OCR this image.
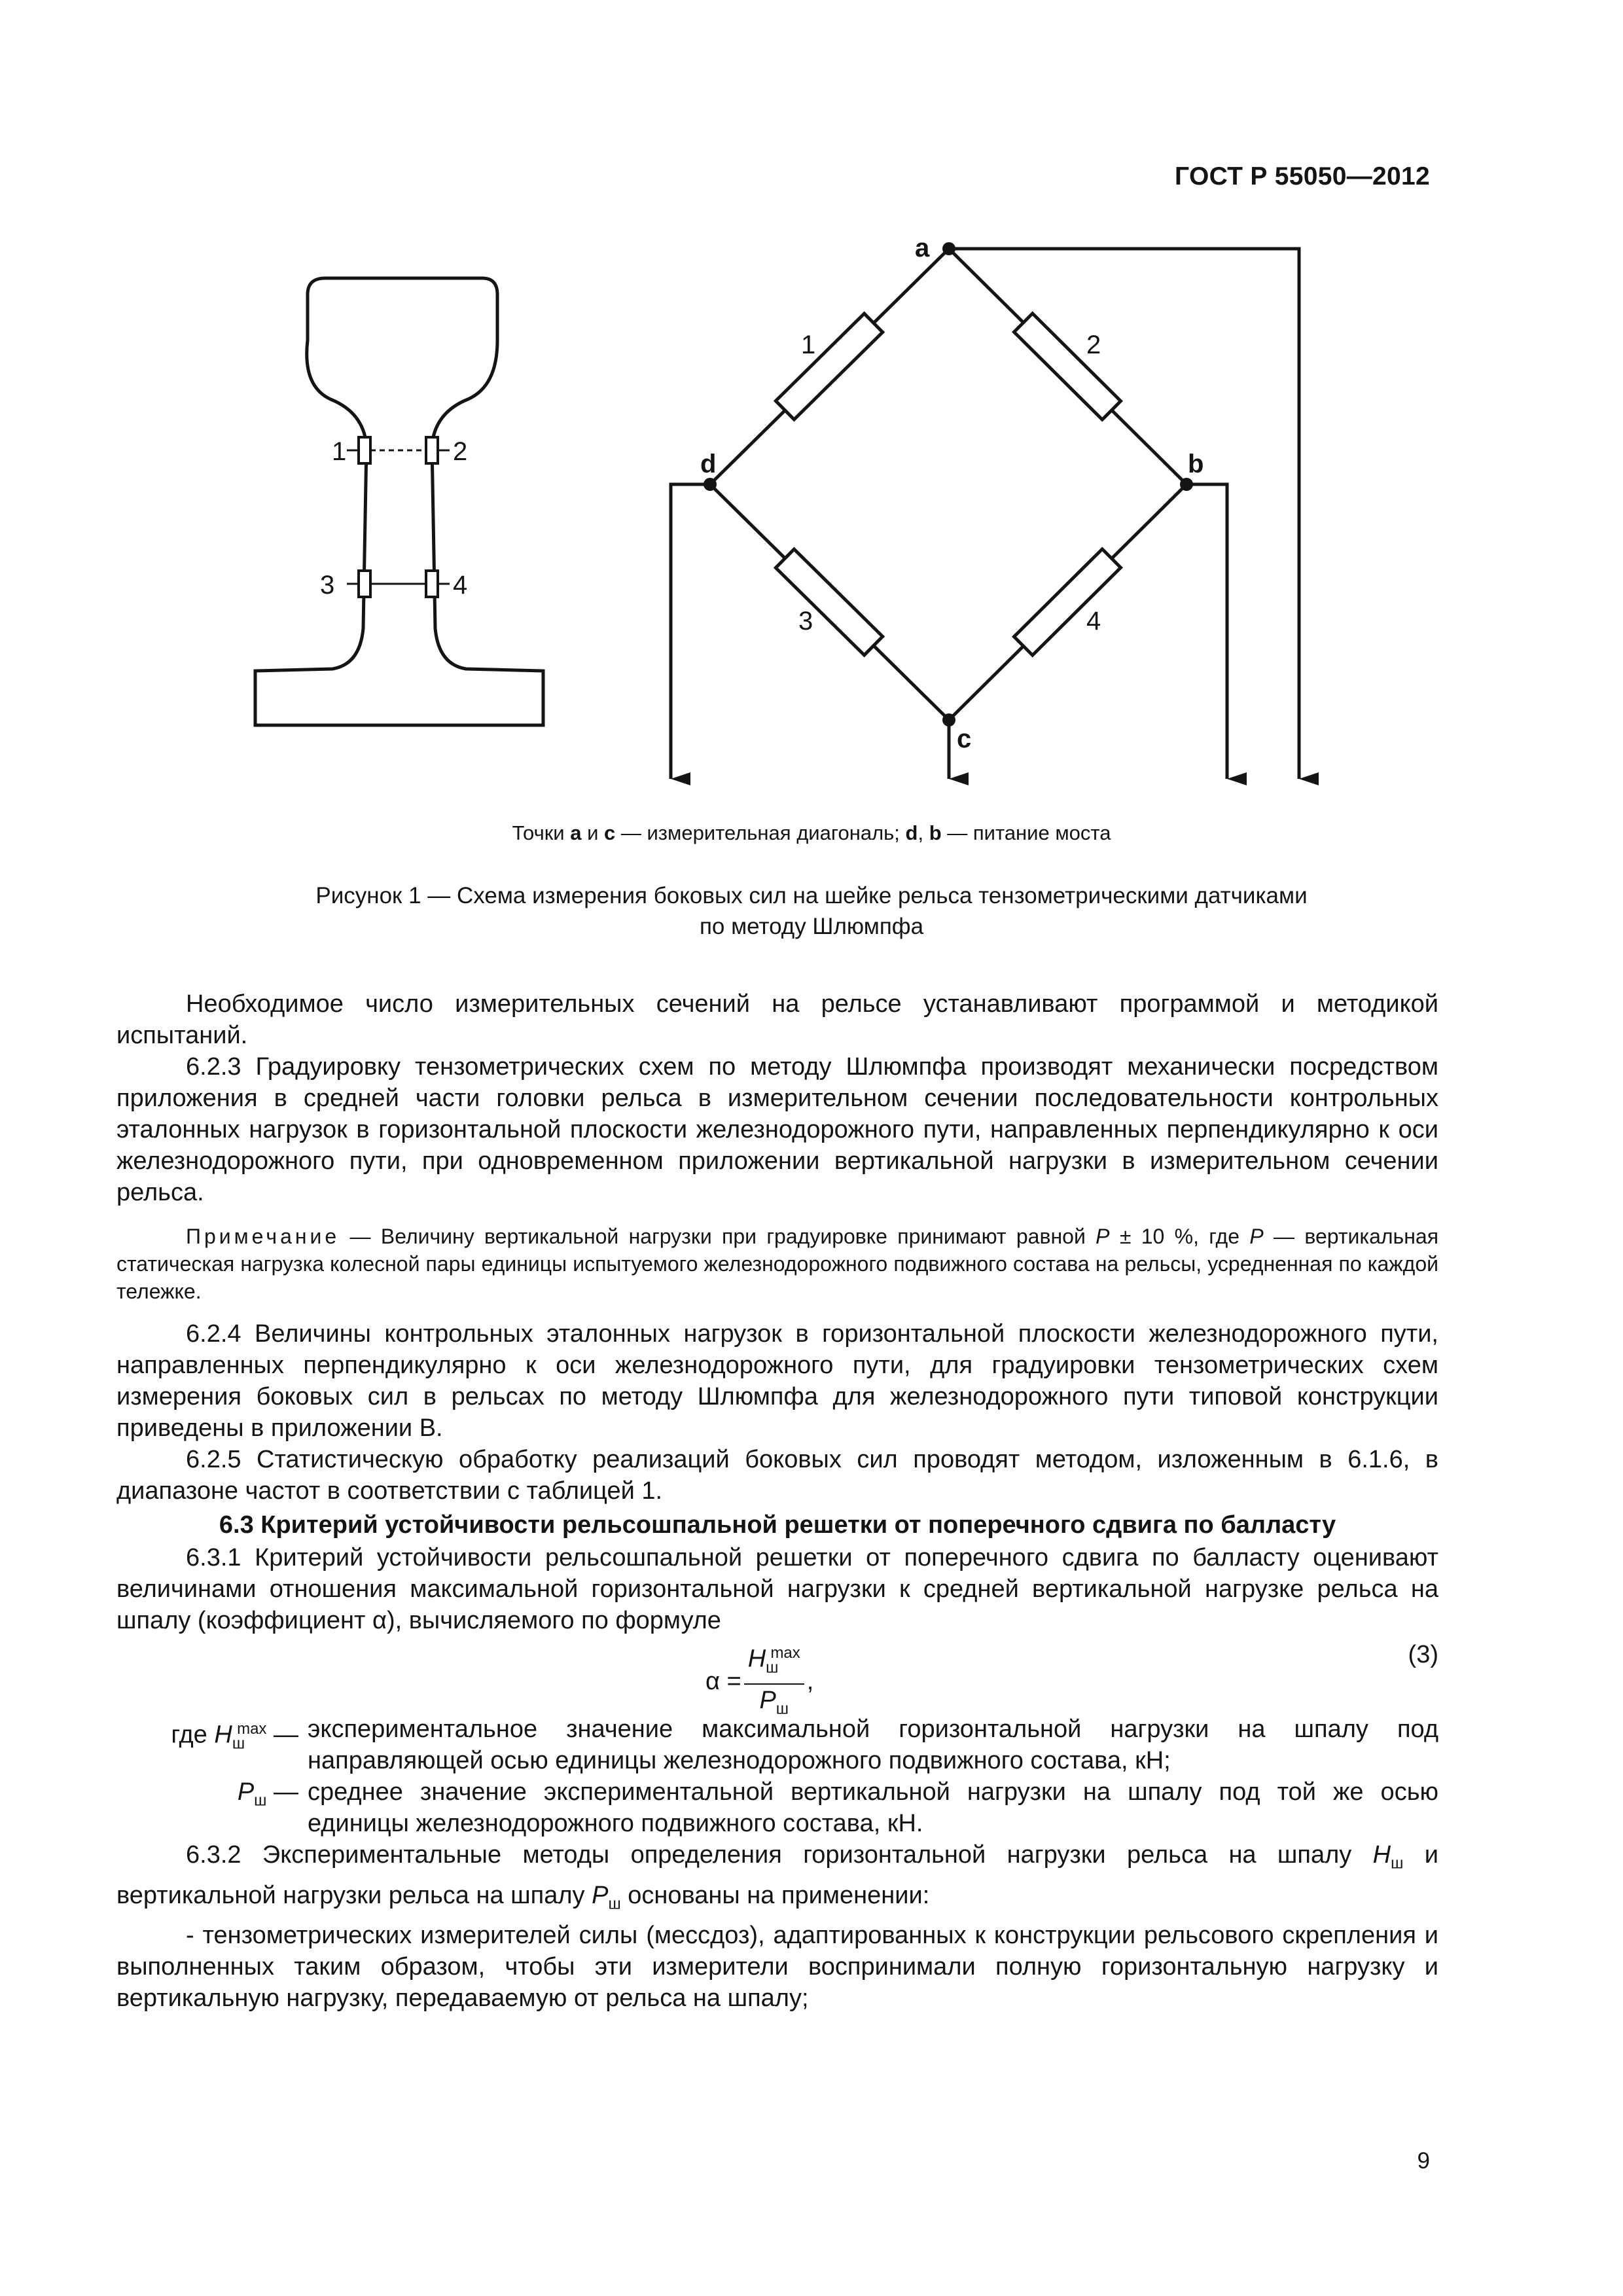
ГОСТ Р 55050—2012
1	2
3	4
a
d	b
c
1	2
3	4
Точки а и с — измерительная диагональ; d, b — питание моста
Рисунок 1 — Схема измерения боковых сил на шейке рельса тензометрическими датчиками
по методу Шлюмпфа

Необходимое число измерительных сечений на рельсе устанавливают программой и методикой испытаний.

6.2.3 Градуировку тензометрических схем по методу Шлюмпфа производят механически посредством приложения в средней части головки рельса в измерительном сечении последовательности контрольных эталонных нагрузок в горизонтальной плоскости железнодорожного пути, направленных перпендикулярно к оси железнодорожного пути, при одновременном приложении вертикальной нагрузки в измерительном сечении рельса.

Примечание — Величину вертикальной нагрузки при градуировке принимают равной P ± 10 %, где P — вертикальная статическая нагрузка колесной пары единицы испытуемого железнодорожного подвижного состава на рельсы, усредненная по каждой тележке.

6.2.4 Величины контрольных эталонных нагрузок в горизонтальной плоскости железнодорожного пути, направленных перпендикулярно к оси железнодорожного пути, для градуировки тензометрических схем измерения боковых сил в рельсах по методу Шлюмпфа для железнодорожного пути типовой конструкции приведены в приложении В.

6.2.5 Статистическую обработку реализаций боковых сил проводят методом, изложенным в 6.1.6, в диапазоне частот в соответствии с таблицей 1.

6.3 Критерий устойчивости рельсошпальной решетки от поперечного сдвига по балласту

6.3.1 Критерий устойчивости рельсошпальной решетки от поперечного сдвига по балласту оценивают величинами отношения максимальной горизонтальной нагрузки к средней вертикальной нагрузке рельса на шпалу (коэффициент α), вычисляемого по формуле

$\alpha = \frac{H_ш^{max}}{P_ш}$ ,
(3)
где $H_ш^{max}$ — экспериментальное значение максимальной горизонтальной нагрузки на шпалу под направляющей осью единицы железнодорожного подвижного состава, кН;
$P_ш$ — среднее значение экспериментальной вертикальной нагрузки на шпалу под той же осью единицы железнодорожного подвижного состава, кН.

6.3.2 Экспериментальные методы определения горизонтальной нагрузки рельса на шпалу $H_ш$ и вертикальной нагрузки рельса на шпалу $P_ш$ основаны на применении:

- тензометрических измерителей силы (мессдоз), адаптированных к конструкции рельсового скрепления и выполненных таким образом, чтобы эти измерители воспринимали полную горизонтальную нагрузку и вертикальную нагрузку, передаваемую от рельса на шпалу;

9
